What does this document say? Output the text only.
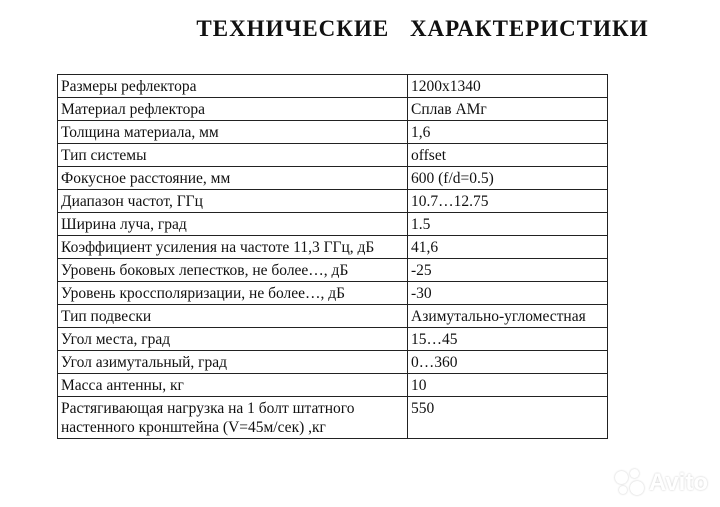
ТЕХНИЧЕСКИЕ ХАРАКТЕРИСТИКИ
Размеры рефлектора	1200x1340
Материал рефлектора	Сплав АМг
Толщина материала, мм	1,6
Тип системы	offset
Фокусное расстояние, мм	600 (f/d=0.5)
Диапазон частот, ГГц	10.7…12.75
Ширина луча, град	1.5
Коэффициент усиления на частоте 11,3 ГГц, дБ	41,6
Уровень боковых лепестков, не более…, дБ	-25
Уровень кроссполяризации, не более…, дБ	-30
Тип подвески	Азимутально-угломестная
Угол места, град	15…45
Угол азимутальный, град	0…360
Масса антенны, кг	10
Растягивающая нагрузка на 1 болт штатного настенного кронштейна (V=45м/сек) ,кг	550
Avito
